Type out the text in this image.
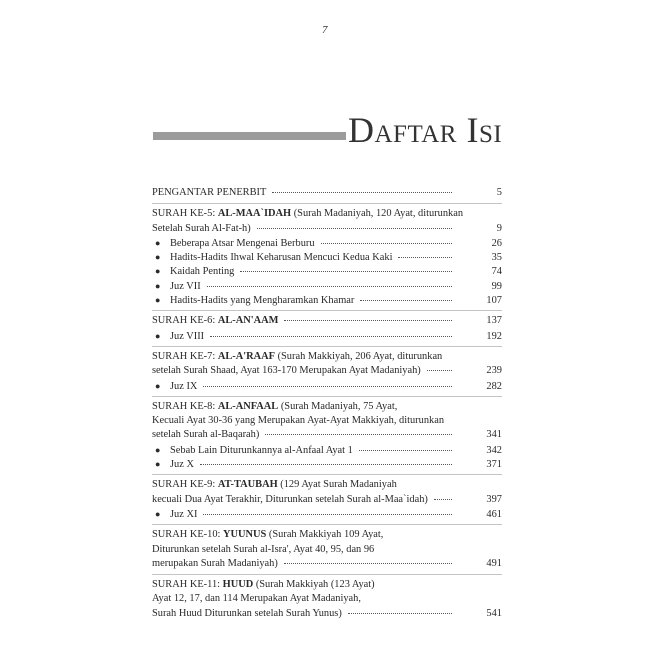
7
Daftar Isi
PENGANTAR PENERBIT	5
SURAH KE-5: AL-MAA`IDAH (Surah Madaniyah, 120 Ayat, diturunkan
Setelah Surah Al-Fat-h)	9
● Beberapa Atsar Mengenai Berburu	26
● Hadits-Hadits Ihwal Keharusan Mencuci Kedua Kaki	35
● Kaidah Penting	74
● Juz VII	99
● Hadits-Hadits yang Mengharamkan Khamar	107
SURAH KE-6: AL-AN'AAM	137
● Juz VIII	192
SURAH KE-7: AL-A'RAAF (Surah Makkiyah, 206 Ayat, diturunkan
setelah Surah Shaad, Ayat 163-170 Merupakan Ayat Madaniyah)	239
● Juz IX	282
SURAH KE-8: AL-ANFAAL (Surah Madaniyah, 75 Ayat,
Kecuali Ayat 30-36 yang Merupakan Ayat-Ayat Makkiyah, diturunkan
setelah Surah al-Baqarah)	341
● Sebab Lain Diturunkannya al-Anfaal Ayat 1	342
● Juz X	371
SURAH KE-9: AT-TAUBAH (129 Ayat Surah Madaniyah
kecuali Dua Ayat Terakhir, Diturunkan setelah Surah al-Maa`idah)	397
● Juz XI	461
SURAH KE-10: YUUNUS (Surah Makkiyah 109 Ayat,
Diturunkan setelah Surah al-Isra', Ayat 40, 95, dan 96
merupakan Surah Madaniyah)	491
SURAH KE-11: HUUD (Surah Makkiyah (123 Ayat)
Ayat 12, 17, dan 114 Merupakan Ayat Madaniyah,
Surah Huud Diturunkan setelah Surah Yunus)	541
